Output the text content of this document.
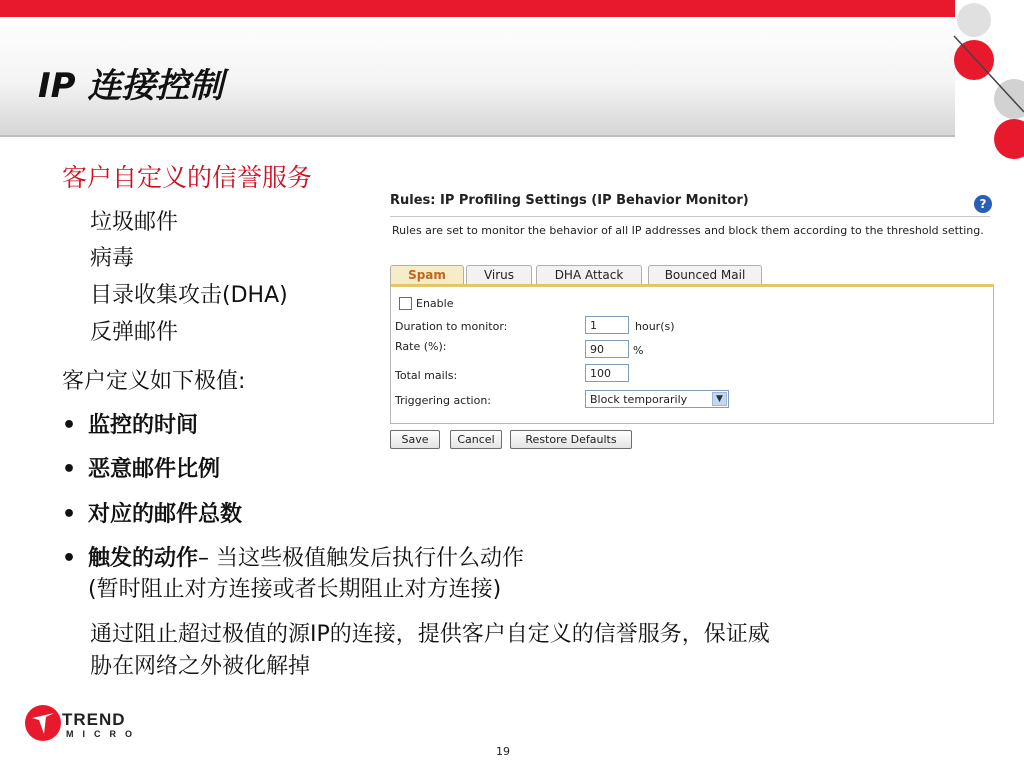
IP 连接控制
客户自定义的信誉服务
垃圾邮件
病毒
目录收集攻击(DHA)
反弹邮件
客户定义如下极值:
• 监控的时间
• 恶意邮件比例
• 对应的邮件总数
• 触发的动作– 当这些极值触发后执行什么动作
(暂时阻止对方连接或者长期阻止对方连接)
通过阻止超过极值的源IP的连接，提供客户自定义的信誉服务，保证威
胁在网络之外被化解掉
Rules: IP Profiling Settings (IP Behavior Monitor)	?
Rules are set to monitor the behavior of all IP addresses and block them according to the threshold setting.
Spam	Virus	DHA Attack	Bounced Mail
Enable
Duration to monitor:	1	hour(s)
Rate (%):	90	%
Total mails:	100
Triggering action:	Block temporarily	▼
Save	Cancel	Restore Defaults
TREND
MICRO
19
